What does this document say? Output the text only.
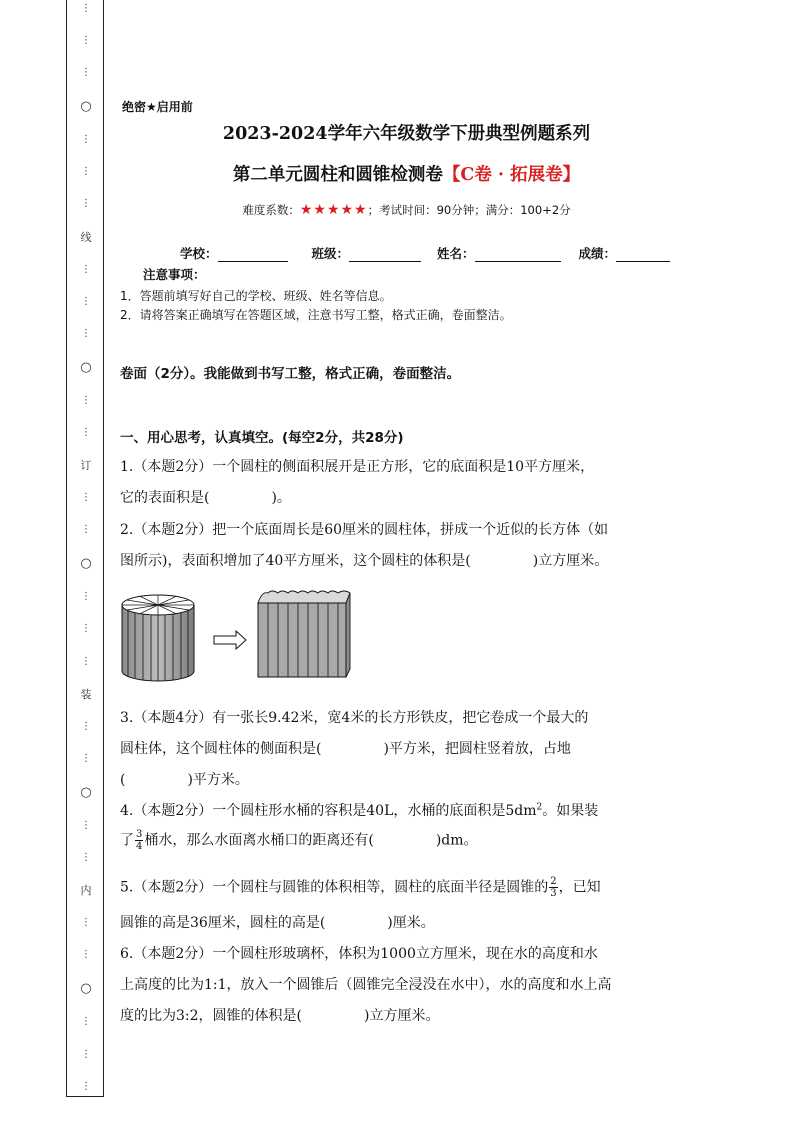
⋮
⋮
⋮
○
⋮
⋮
⋮
线
⋮
⋮
⋮
○
⋮
⋮
订
⋮
⋮
○
⋮
⋮
⋮
装
⋮
⋮
○
⋮
⋮
内
⋮
⋮
○
⋮
⋮
⋮
绝密★启用前
2023-2024学年六年级数学下册典型例题系列
第二单元圆柱和圆锥检测卷【C卷 · 拓展卷】
难度系数：★★★★★；考试时间：90分钟；满分：100+2分
学校：	班级：	姓名：	成绩：
注意事项：
1．答题前填写好自己的学校、班级、姓名等信息。
2．请将答案正确填写在答题区域，注意书写工整，格式正确，卷面整洁。
卷面（2分）。我能做到书写工整，格式正确，卷面整洁。
一、用心思考，认真填空。(每空2分，共28分)
1.（本题2分）一个圆柱的侧面积展开是正方形，它的底面积是10平方厘米，
它的表面积是(	)。
2.（本题2分）把一个底面周长是60厘米的圆柱体，拼成一个近似的长方体（如
图所示)，表面积增加了40平方厘米，这个圆柱的体积是(	)立方厘米。
3.（本题4分）有一张长9.42米，宽4米的长方形铁皮，把它卷成一个最大的
圆柱体，这个圆柱体的侧面积是(	)平方米，把圆柱竖着放，占地
(	)平方米。
4.（本题2分）一个圆柱形水桶的容积是40L，水桶的底面积是$5dm^2$。如果装
了 $\frac{3}{4}$ 桶水，那么水面离水桶口的距离还有(	)dm。
5.（本题2分）一个圆柱与圆锥的体积相等，圆柱的底面半径是圆锥的 $\frac{2}{3}$ ，已知
圆锥的高是36厘米，圆柱的高是(	)厘米。
6.（本题2分）一个圆柱形玻璃杯，体积为1000立方厘米，现在水的高度和水
上高度的比为1:1，放入一个圆锥后（圆锥完全浸没在水中），水的高度和水上高
度的比为3:2，圆锥的体积是(	)立方厘米。
